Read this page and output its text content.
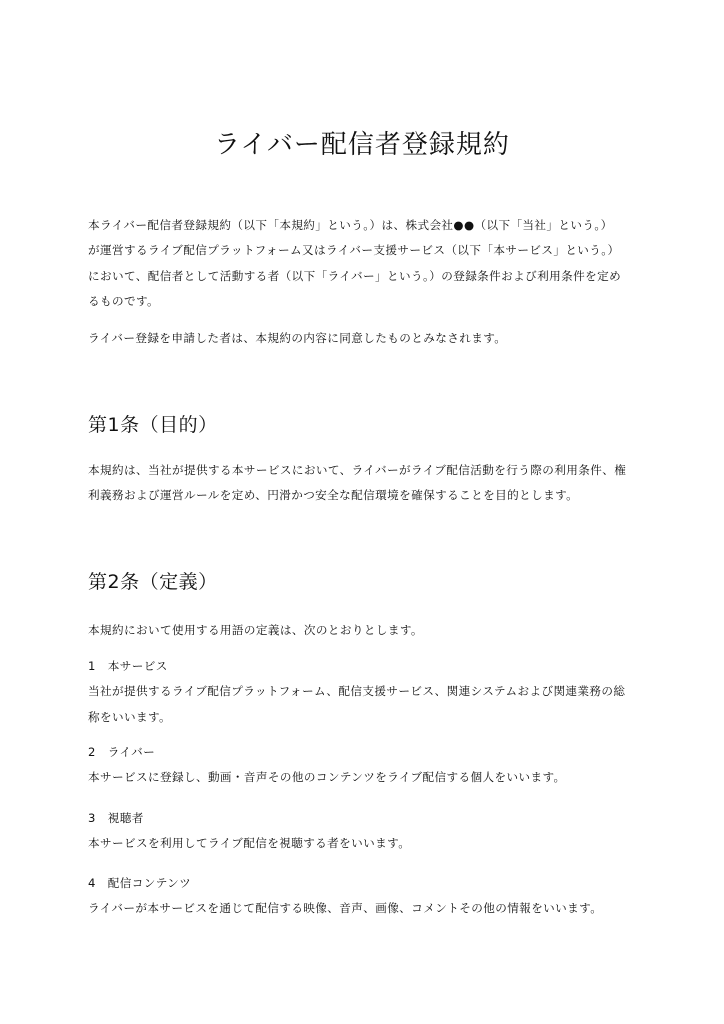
ライバー配信者登録規約
本ライバー配信者登録規約（以下「本規約」という。）は、株式会社●●（以下「当社」という。）
が運営するライブ配信プラットフォーム又はライバー支援サービス（以下「本サービス」という。）
において、配信者として活動する者（以下「ライバー」という。）の登録条件および利用条件を定め
るものです。

ライバー登録を申請した者は、本規約の内容に同意したものとみなされます。

第1条（目的）
本規約は、当社が提供する本サービスにおいて、ライバーがライブ配信活動を行う際の利用条件、権
利義務および運営ルールを定め、円滑かつ安全な配信環境を確保することを目的とします。
第2条（定義）

本規約において使用する用語の定義は、次のとおりとします。

1　本サービス
当社が提供するライブ配信プラットフォーム、配信支援サービス、関連システムおよび関連業務の総
称をいいます。
2　ライバー
本サービスに登録し、動画・音声その他のコンテンツをライブ配信する個人をいいます。
3　視聴者
本サービスを利用してライブ配信を視聴する者をいいます。
4　配信コンテンツ
ライバーが本サービスを通じて配信する映像、音声、画像、コメントその他の情報をいいます。
